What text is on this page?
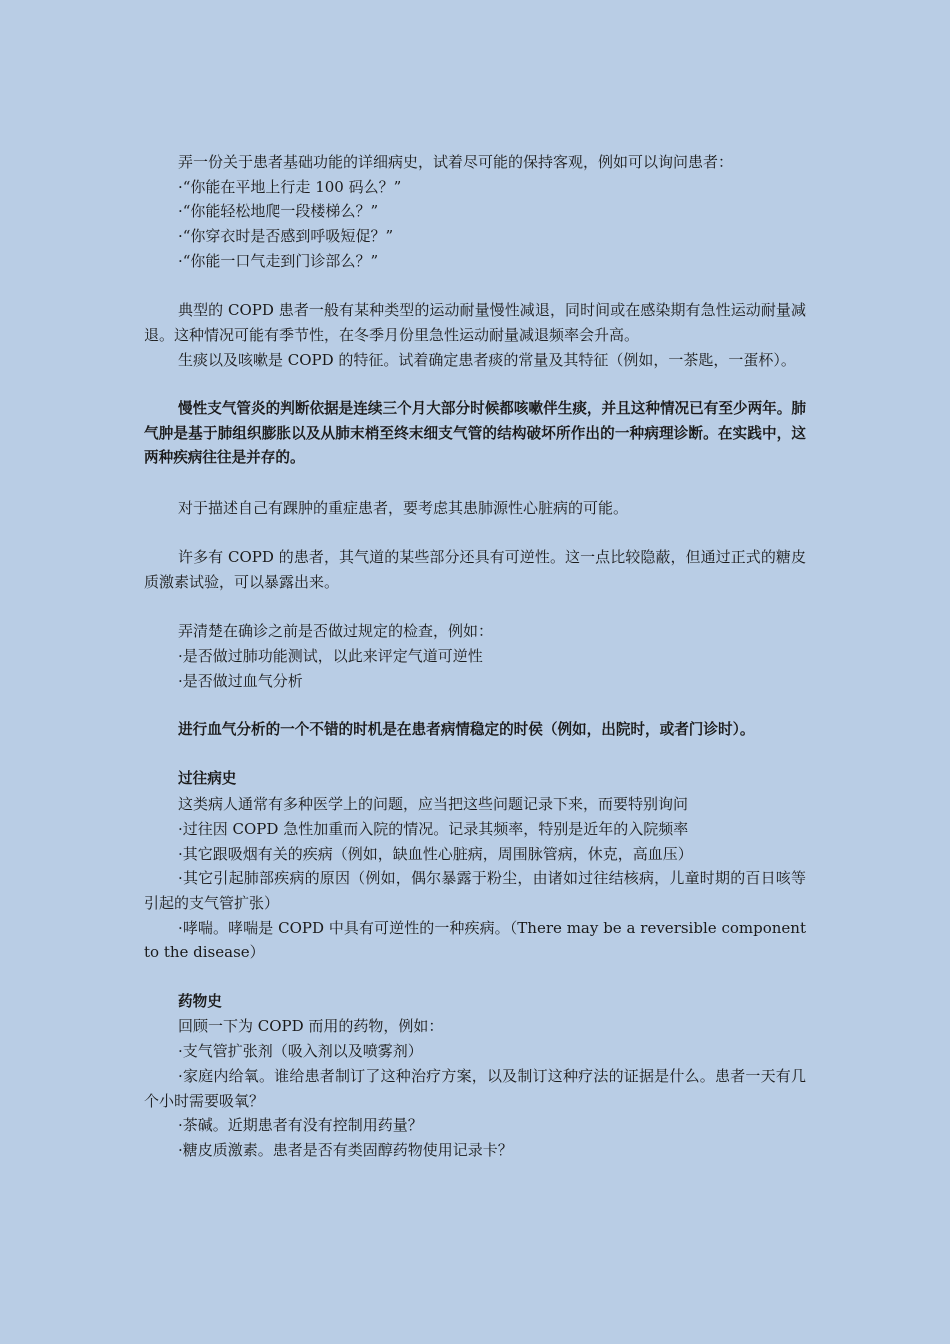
弄一份关于患者基础功能的详细病史，试着尽可能的保持客观，例如可以询问患者：

·“你能在平地上行走 100 码么？”

·“你能轻松地爬一段楼梯么？”

·“你穿衣时是否感到呼吸短促？”

·“你能一口气走到门诊部么？”

典型的 COPD 患者一般有某种类型的运动耐量慢性减退，同时间或在感染期有急性运动耐量减退。这种情况可能有季节性，在冬季月份里急性运动耐量减退频率会升高。

生痰以及咳嗽是 COPD 的特征。试着确定患者痰的常量及其特征（例如，一茶匙，一蛋杯）。

慢性支气管炎的判断依据是连续三个月大部分时候都咳嗽伴生痰，并且这种情况已有至少两年。肺气肿是基于肺组织膨胀以及从肺末梢至终末细支气管的结构破坏所作出的一种病理诊断。在实践中，这两种疾病往往是并存的。

对于描述自己有踝肿的重症患者，要考虑其患肺源性心脏病的可能。

许多有 COPD 的患者，其气道的某些部分还具有可逆性。这一点比较隐蔽，但通过正式的糖皮质激素试验，可以暴露出来。

弄清楚在确诊之前是否做过规定的检查，例如：

·是否做过肺功能测试，以此来评定气道可逆性

·是否做过血气分析

进行血气分析的一个不错的时机是在患者病情稳定的时侯（例如，出院时，或者门诊时）。

过往病史

这类病人通常有多种医学上的问题，应当把这些问题记录下来，而要特别询问

·过往因 COPD 急性加重而入院的情况。记录其频率，特别是近年的入院频率

·其它跟吸烟有关的疾病（例如，缺血性心脏病，周围脉管病，休克，高血压）

·其它引起肺部疾病的原因（例如，偶尔暴露于粉尘，由诸如过往结核病，儿童时期的百日咳等引起的支气管扩张）

·哮喘。哮喘是 COPD 中具有可逆性的一种疾病。（There may be a reversible component to the disease）

药物史

回顾一下为 COPD 而用的药物，例如：

·支气管扩张剂（吸入剂以及喷雾剂）

·家庭内给氧。谁给患者制订了这种治疗方案，以及制订这种疗法的证据是什么。患者一天有几个小时需要吸氧？

·茶碱。近期患者有没有控制用药量？

·糖皮质激素。患者是否有类固醇药物使用记录卡？
